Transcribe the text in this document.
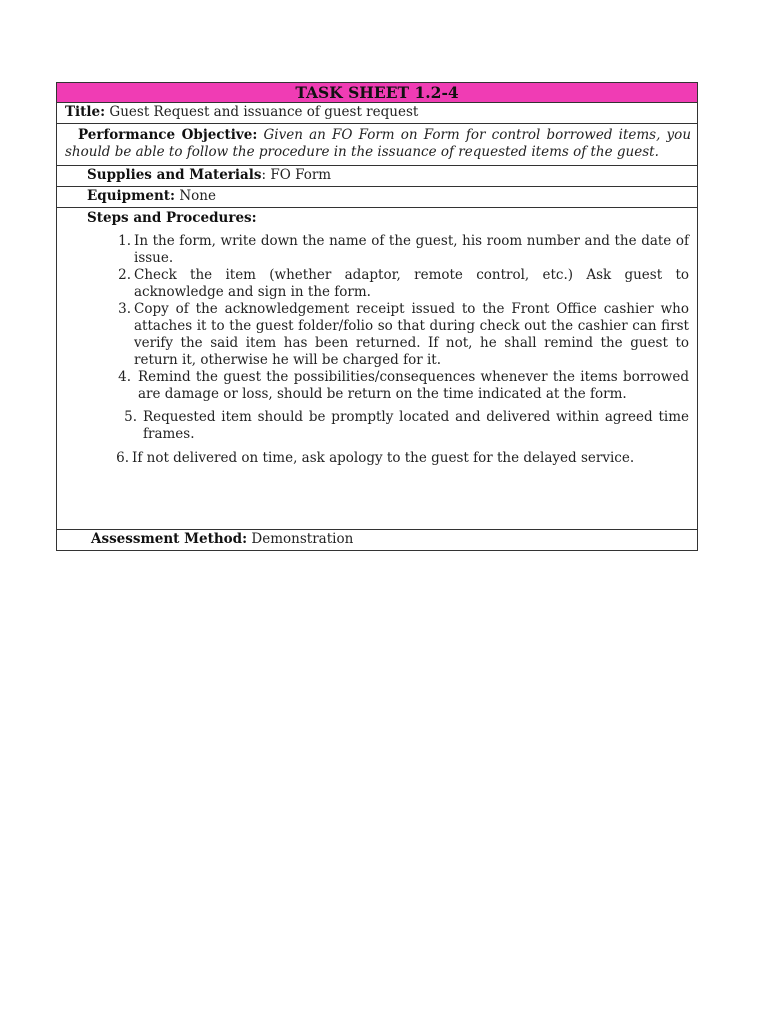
TASK SHEET 1.2-4
Title: Guest Request and issuance of guest request
Performance Objective: Given an FO Form on Form for control borrowed items, you should be able to follow the procedure in the issuance of requested items of the guest.
Supplies and Materials: FO Form
Equipment: None
Steps and Procedures:
1. In the form, write down the name of the guest, his room number and the date of issue.
2. Check the item (whether adaptor, remote control, etc.) Ask guest to acknowledge and sign in the form.
3. Copy of the acknowledgement receipt issued to the Front Office cashier who attaches it to the guest folder/folio so that during check out the cashier can first verify the said item has been returned. If not, he shall remind the guest to return it, otherwise he will be charged for it.
4. Remind the guest the possibilities/consequences whenever the items borrowed are damage or loss, should be return on the time indicated at the form.
5. Requested item should be promptly located and delivered within agreed time frames.
6. If not delivered on time, ask apology to the guest for the delayed service.
Assessment Method: Demonstration
